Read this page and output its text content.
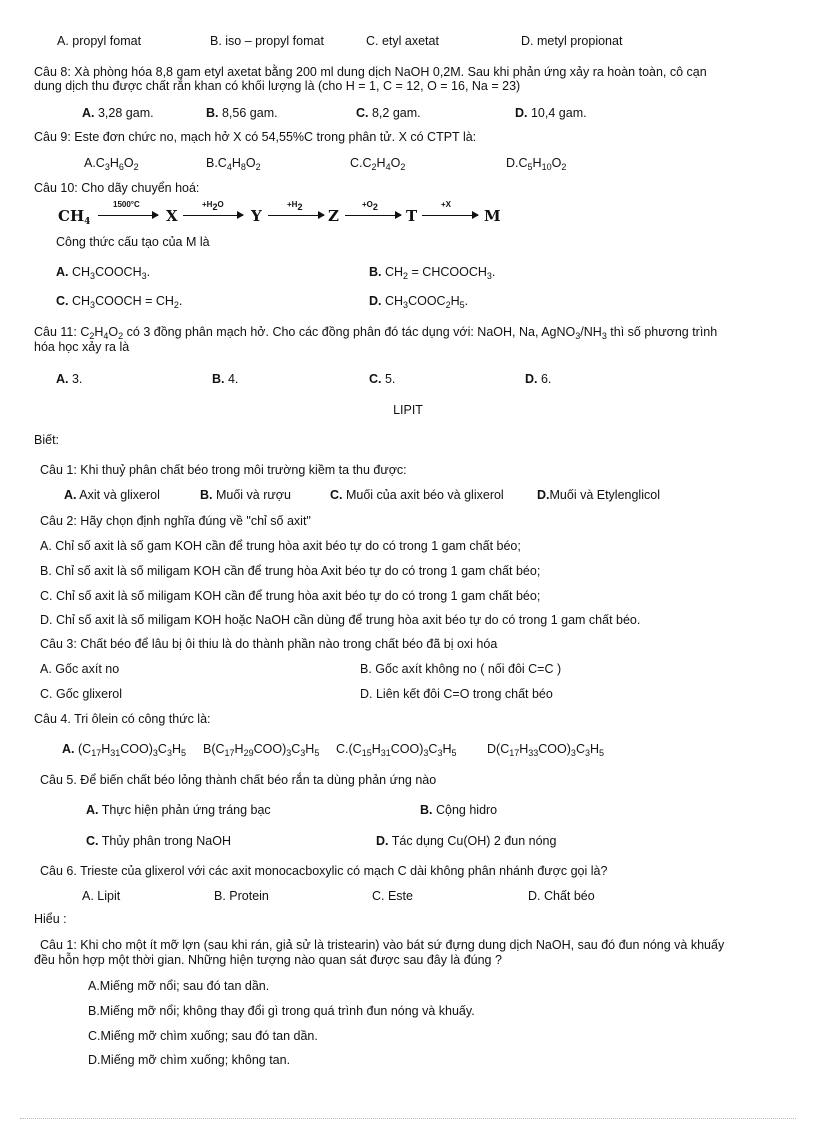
A. propyl fomat	B. iso – propyl fomat	C. etyl axetat	D. metyl propionat
Câu 8: Xà phòng hóa 8,8 gam etyl axetat bằng 200 ml dung dịch NaOH 0,2M. Sau khi phản ứng xảy ra hoàn toàn, cô cạn
dung dịch thu được chất rắn khan có khối lượng là (cho H = 1, C = 12, O = 16, Na = 23)
A. 3,28 gam.	B. 8,56 gam.	C. 8,2 gam.	D. 10,4 gam.
Câu 9: Este đơn chức no, mạch hở X có 54,55%C trong phân tử. X có CTPT là:
$A.C_3H_6O_2$	$B.C_4H_8O_2$	$C.C_2H_4O_2$	$D.C_5H_{10}O_2$
Câu 10: Cho dãy chuyển hoá:
$CH_4$
1500°C
X
$+H_2O$
Y
$+H_2$ Z
$+O_2$ T
+X
M
Công thức cấu tạo của M là
A. $CH_3COOCH_3$.	B. $CH_2$ = $CHCOOCH_3$.
C. $CH_3COOCH = CH_2$.	D. $CH_3COOC_2H_5$.
Câu 11: $C_2H_4O_2$ có 3 đồng phân mạch hở. Cho các đồng phân đó tác dụng với: NaOH, Na, $AgNO_3/NH_3$ thì số phương trình
hóa học xảy ra là
A. 3.	B. 4.	C. 5.	D. 6.
LIPIT
Biết:
Câu 1: Khi thuỷ phân chất béo trong môi trường kiềm ta thu được:
A. Axit và glixerol	B. Muối và rượu	C. Muối của axit béo và glixerol	D.Muối và Etylenglicol
Câu 2: Hãy chọn định nghĩa đúng về "chỉ số axit"
A. Chỉ số axit là số gam KOH cần để trung hòa axit béo tự do có trong 1 gam chất béo;
B. Chỉ số axit là số miligam KOH cần để trung hòa Axit béo tự do có trong 1 gam chất béo;
C. Chỉ số axit là số miligam KOH cần để trung hòa axit béo tự do có trong 1 gam chất béo;
D. Chỉ số axit là số miligam KOH hoặc NaOH cần dùng để trung hòa axit béo tự do có trong 1 gam chất béo.
Câu 3: Chất béo để lâu bị ôi thiu là do thành phần nào trong chất béo đã bị oxi hóa
A. Gốc axít no	B. Gốc axít không no ( nối đôi C=C )
C. Gốc glixerol	D. Liên kết đôi C=O trong chất béo
Câu 4. Tri ôlein có công thức là:
A. $(C_{17}H_{31}COO)_3C_3H_5$ $B(C_{17}H_{29}COO)_3C_3H_5$ $C.(C_{15}H_{31}COO)_3C_3H_5$ $D(C_{17}H_{33}COO)_3C_3H_5$
Câu 5. Để biến chất béo lỏng thành chất béo rắn ta dùng phản ứng nào
A. Thực hiện phản ứng tráng bạc	B. Cộng hidro
C. Thủy phân trong NaOH	D. Tác dụng Cu(OH) 2 đun nóng
Câu 6. Trieste của glixerol với các axit monocacboxylic có mạch C dài không phân nhánh được gọi là?
A. Lipit	B. Protein	C. Este	D. Chất béo
Hiểu :
Câu 1: Khi cho một ít mỡ lợn (sau khi rán, giả sử là tristearin) vào bát sứ đựng dung dịch NaOH, sau đó đun nóng và khuấy
đều hỗn hợp một thời gian. Những hiện tượng nào quan sát được sau đây là đúng ?
A.Miếng mỡ nổi; sau đó tan dần.
B.Miếng mỡ nổi; không thay đổi gì trong quá trình đun nóng và khuấy.
C.Miếng mỡ chìm xuống; sau đó tan dần.
D.Miếng mỡ chìm xuống; không tan.
